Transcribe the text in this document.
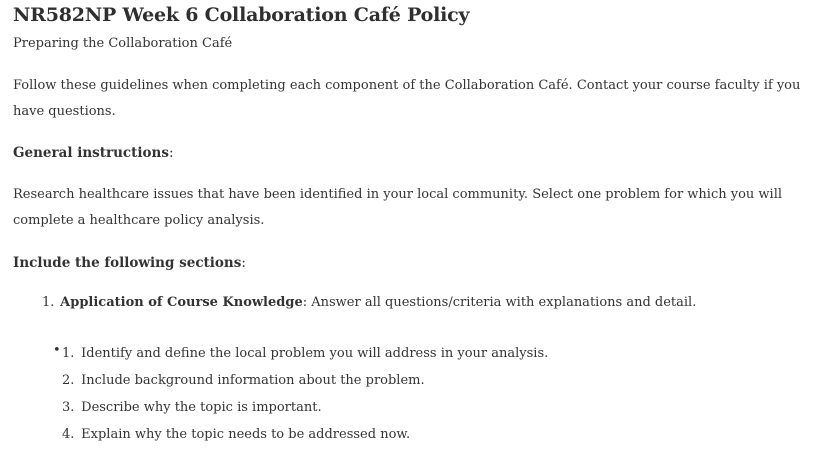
NR582NP Week 6 Collaboration Café Policy

Preparing the Collaboration Café

Follow these guidelines when completing each component of the Collaboration Café. Contact your course faculty if you have questions.

General instructions:

Research healthcare issues that have been identified in your local community. Select one problem for which you will complete a healthcare policy analysis.

Include the following sections:

1. Application of Course Knowledge: Answer all questions/criteria with explanations and detail.
• 1. Identify and define the local problem you will address in your analysis.
2. Include background information about the problem.
3. Describe why the topic is important.
4. Explain why the topic needs to be addressed now.
